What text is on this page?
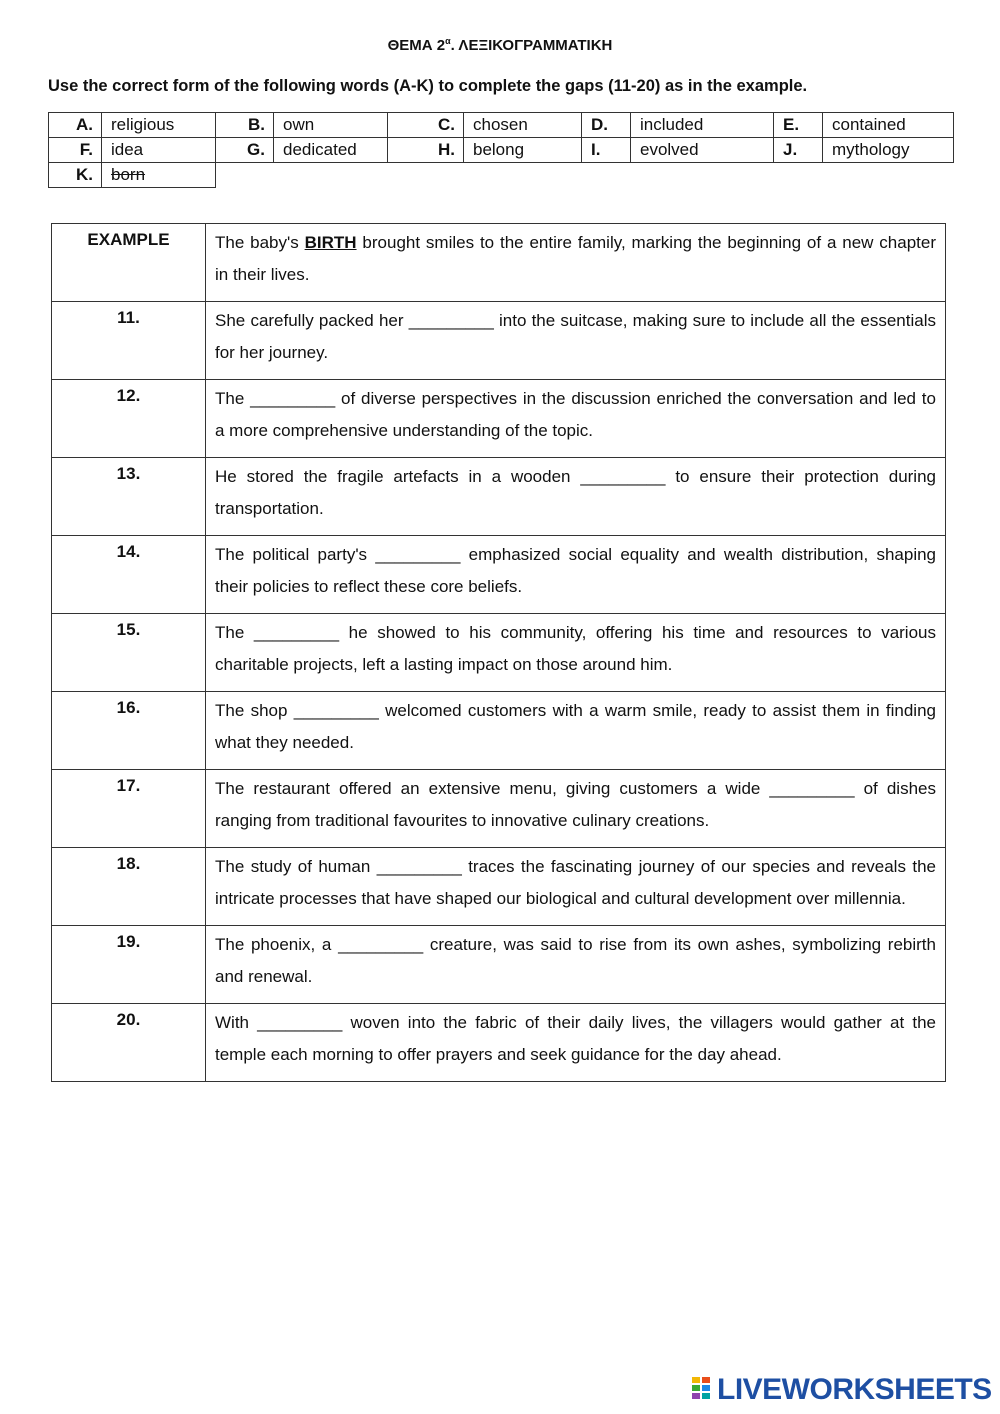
ΘΕΜΑ $2^\alpha$. ΛΕΞΙΚΟΓΡΑΜΜΑΤΙΚΗ
Use the correct form of the following words (A-K) to complete the gaps (11-20) as in the example.
A.	religious	B.	own	C.	chosen	D.	included	E.	contained
F.	idea	G.	dedicated	H.	belong	I.	evolved	J.	mythology
K.	born								
EXAMPLE	The baby's BIRTH brought smiles to the entire family, marking the beginning of a new chapter in their lives.
11.	She carefully packed her _________ into the suitcase, making sure to include all the essentials for her journey.
12.	The _________ of diverse perspectives in the discussion enriched the conversation and led to a more comprehensive understanding of the topic.
13.	He stored the fragile artefacts in a wooden _________ to ensure their protection during transportation.
14.	The political party's _________ emphasized social equality and wealth distribution, shaping their policies to reflect these core beliefs.
15.	The _________ he showed to his community, offering his time and resources to various charitable projects, left a lasting impact on those around him.
16.	The shop _________ welcomed customers with a warm smile, ready to assist them in finding what they needed.
17.	The restaurant offered an extensive menu, giving customers a wide _________ of dishes ranging from traditional favourites to innovative culinary creations.
18.	The study of human _________ traces the fascinating journey of our species and reveals the intricate processes that have shaped our biological and cultural development over millennia.
19.	The phoenix, a _________ creature, was said to rise from its own ashes, symbolizing rebirth and renewal.
20.	With _________ woven into the fabric of their daily lives, the villagers would gather at the temple each morning to offer prayers and seek guidance for the day ahead.
LIVEWORKSHEETS
